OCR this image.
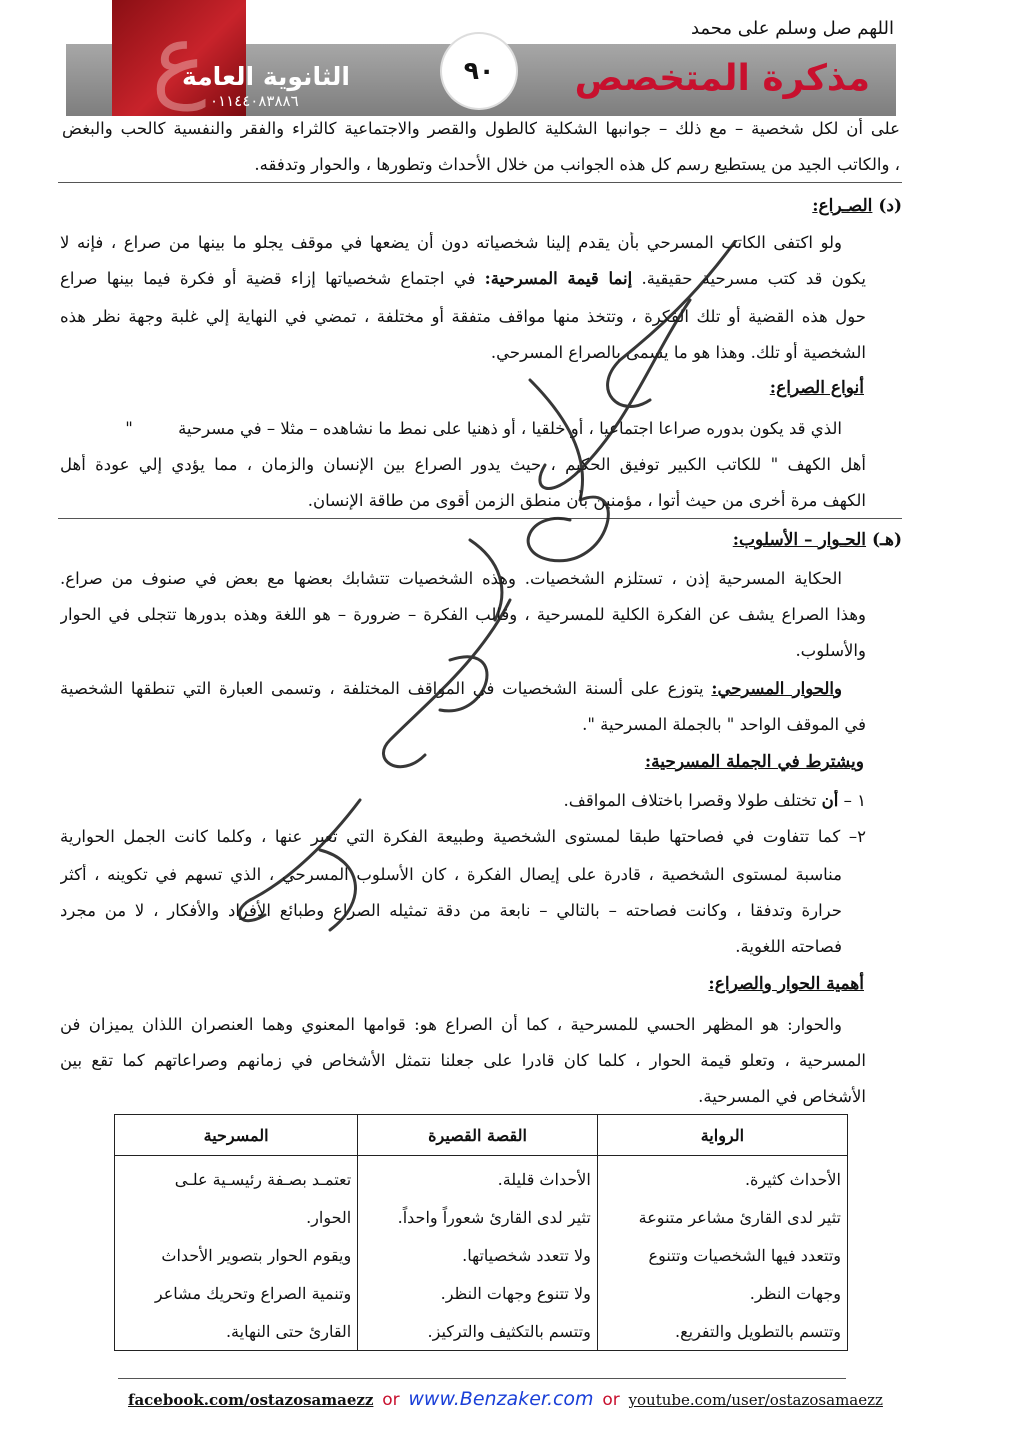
ع
الثانوية العامة
٠١١٤٤٠٨٣٨٨٦
٩٠	مذكرة المتخصص
اللهم صل وسلم على محمد
على أن لكل شخصية – مع ذلك – جوانبها الشكلية كالطول والقصر والاجتماعية كالثراء والفقر والنفسية كالحب والبغض
، والكاتب الجيد من يستطيع رسم كل هذه الجوانب من خلال الأحداث وتطورها ، والحوار وتدفقه.
(د) الصـراع:
ولو اكتفى الكاتب المسرحي بأن يقدم إلينا شخصياته دون أن يضعها في موقف يجلو ما بينها من صراع ، فإنه لا
يكون قد كتب مسرحية حقيقية. إنما قيمة المسرحية: في اجتماع شخصياتها إزاء قضية أو فكرة فيما بينها صراع
حول هذه القضية أو تلك الفكرة ، وتتخذ منها مواقف متفقة أو مختلفة ، تمضي في النهاية إلي غلبة وجهة نظر هذه
الشخصية أو تلك. وهذا هو ما يسمى بالصراع المسرحي.
أنواع الصراع:
الذي قد يكون بدوره صراعا اجتماعيا ، أو خلقيا ، أو ذهنيا على نمط ما نشاهده – مثلا – في مسرحية "
أهل الكهف " للكاتب الكبير توفيق الحكيم ، حيث يدور الصراع بين الإنسان والزمان ، مما يؤدي إلي عودة أهل
الكهف مرة أخرى من حيث أتوا ، مؤمنين بأن منطق الزمن أقوى من طاقة الإنسان.
(هـ) الحـوار – الأسلوب:
الحكاية المسرحية إذن ، تستلزم الشخصيات. وهذه الشخصيات تتشابك بعضها مع بعض في صنوف من صراع.
وهذا الصراع يشف عن الفكرة الكلية للمسرحية ، وقالب الفكرة – ضرورة – هو اللغة وهذه بدورها تتجلى في الحوار
والأسلوب.
والحوار المسرحي: يتوزع على ألسنة الشخصيات في المواقف المختلفة ، وتسمى العبارة التي تنطقها الشخصية
في الموقف الواحد " بالجملة المسرحية ".
ويشترط في الجملة المسرحية:
١ – أن تختلف طولا وقصرا باختلاف المواقف.
٢– كما تتفاوت في فصاحتها طبقا لمستوى الشخصية وطبيعة الفكرة التي تعبر عنها ، وكلما كانت الجمل الحوارية
مناسبة لمستوى الشخصية ، قادرة على إيصال الفكرة ، كان الأسلوب المسرحي ، الذي تسهم في تكوينه ، أكثر
حرارة وتدفقا ، وكانت فصاحته – بالتالي – نابعة من دقة تمثيله الصراع وطبائع الأفراد والأفكار ، لا من مجرد
فصاحته اللغوية.
أهمية الحوار والصراع:
والحوار: هو المظهر الحسي للمسرحية ، كما أن الصراع هو: قوامها المعنوي وهما العنصران اللذان يميزان فن
المسرحية ، وتعلو قيمة الحوار ، كلما كان قادرا على جعلنا نتمثل الأشخاص في زمانهم وصراعاتهم كما تقع بين
الأشخاص في المسرحية.
الرواية	القصة القصيرة	المسرحية

الأحداث كثيرة.	الأحداث قليلة.	تعتمـد بصـفة رئيسـية علـى
تثير لدى القارئ مشاعر متنوعة	تثير لدى القارئ شعوراً واحداً.	الحوار.
وتتعدد فيها الشخصيات وتتنوع	ولا تتعدد شخصياتها.	ويقوم الحوار بتصوير الأحداث
وجهات النظر.	ولا تتنوع وجهات النظر.	وتنمية الصراع وتحريك مشاعر
وتتسم بالتطويل والتفريع.	وتتسم بالتكثيف والتركيز.	القارئ حتى النهاية.
facebook.com/ostazosamaezz or www.Benzaker.com or youtube.com/user/ostazosamaezz
